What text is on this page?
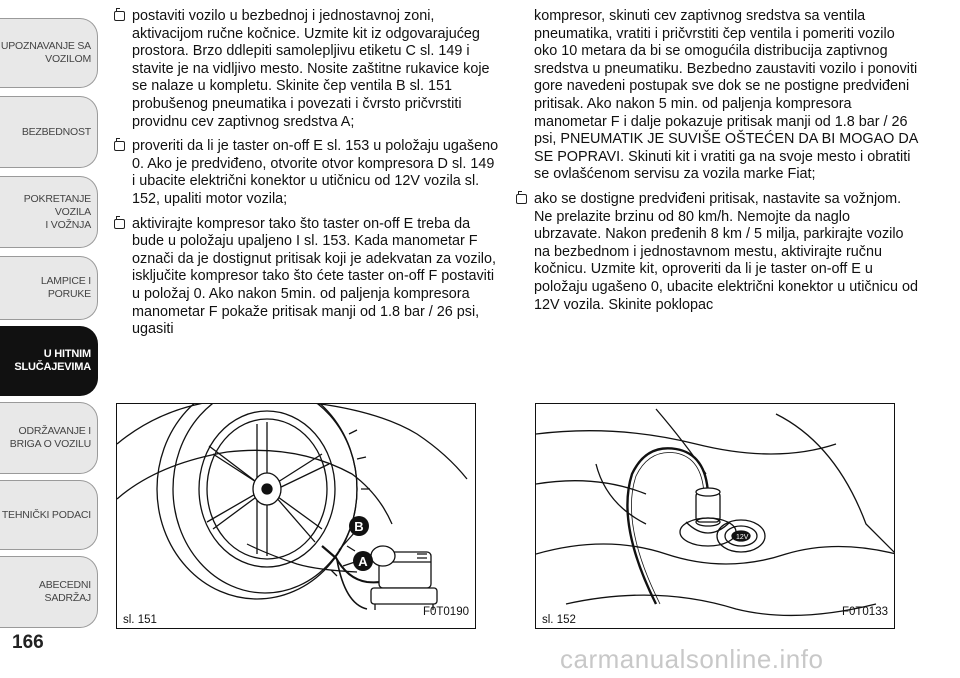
UPOZNAVANJE SA
VOZILOM
BEZBEDNOST
POKRETANJE VOZILA
I VOŽNJA
LAMPICE I PORUKE
U HITNIM
SLUČAJEVIMA
ODRŽAVANJE I
BRIGA O VOZILU
TEHNIČKI PODACI
ABECEDNI SADRŽAJ
166
postaviti vozilo u bezbednoj i jednostavnoj zoni, aktivacijom ručne kočnice. Uzmite kit iz odgovarajućeg prostora. Brzo ddlepiti samolepljivu etiketu C sl. 149 i stavite je na vidljivo mesto. Nosite zaštitne rukavice koje se nalaze u kompletu. Skinite čep ventila B sl. 151 probušenog pneumatika i povezati i čvrsto pričvrstiti providnu cev zaptivnog sredstva A;
proveriti da li je taster on-off E sl. 153 u položaju ugašeno 0. Ako je predviđeno, otvorite otvor kompresora D sl. 149 i ubacite električni konektor u utičnicu od 12V vozila sl. 152, upaliti motor vozila;
aktivirajte kompresor tako što taster on-off E treba da bude u položaju upaljeno I sl. 153. Kada manometar F označi da je dostignut pritisak koji je adekvatan za vozilo, isključite kompresor tako što ćete taster on-off F postaviti u položaj 0. Ako nakon 5min. od paljenja kompresora manometar F pokaže pritisak manji od 1.8 bar / 26 psi, ugasiti
kompresor, skinuti cev zaptivnog sredstva sa ventila pneumatika, vratiti i pričvrstiti čep ventila i pomeriti vozilo oko 10 metara da bi se omogućila distribucija zaptivnog sredstva u pneumatiku. Bezbedno zaustaviti vozilo i ponoviti gore navedeni postupak sve dok se ne postigne predviđeni pritisak. Ako nakon 5 min. od paljenja kompresora manometar F i dalje pokazuje pritisak manji od 1.8 bar / 26 psi, PNEUMATIK JE SUVIŠE OŠTEĆEN DA BI MOGAO DA SE POPRAVI. Skinuti kit i vratiti ga na svoje mesto i obratiti se ovlašćenom servisu za vozila marke Fiat;
ako se dostigne predviđeni pritisak, nastavite sa vožnjom. Ne prelazite brzinu od 80 km/h. Nemojte da naglo ubrzavate. Nakon pređenih 8 km / 5 milja, parkirajte vozilo na bezbednom i jednostavnom mestu, aktivirajte ručnu kočnicu. Uzmite kit, oproveriti da li je taster on-off E u položaju ugašeno 0, ubacite električni konektor u utičnicu od 12V vozila. Skinite poklopac
B
A
sl. 151
F0T0190
12V
sl. 152
F0T0133
carmanualsonline.info
